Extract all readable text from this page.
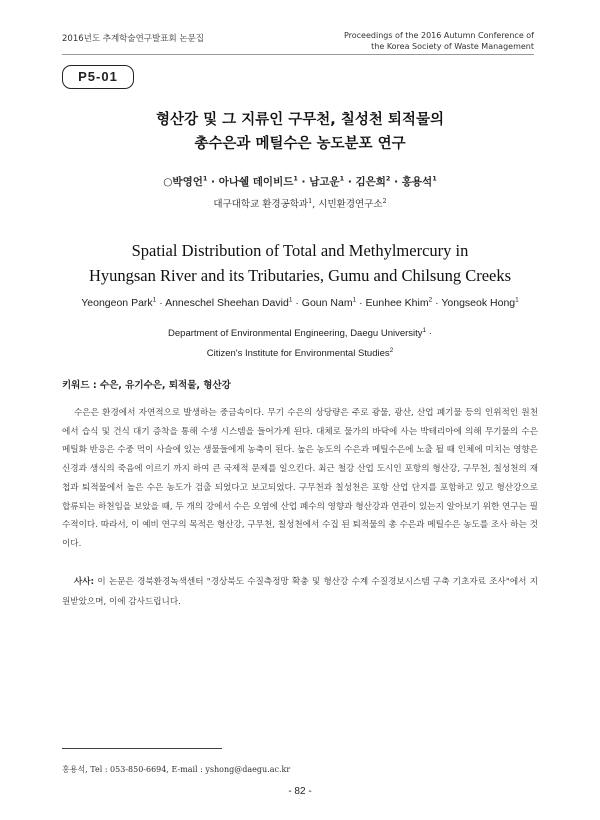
2016년도 추계학술연구발표회 논문집	Proceedings of the 2016 Autumn Conference of
the Korea Society of Waste Management
P5-01
형산강 및 그 지류인 구무천, 칠성천 퇴적물의
총수은과 메틸수은 농도분포 연구
○박영언$^1$ · 아나쉘 데이비드$^1$ · 남고운$^1$ · 김은희$^2$ · 홍용석$^1$
대구대학교 환경공학과$^1$, 시민환경연구소$^2$
Spatial Distribution of Total and Methylmercury in
Hyungsan River and its Tributaries, Gumu and Chilsung Creeks
Yeongeon Park$^1$ · Anneschel Sheehan David$^1$ · Goun Nam$^1$ · Eunhee Khim$^2$ · Yongseok Hong$^1$
Department of Environmental Engineering, Daegu University$^1$ ·
Citizen's Institute for Environmental Studies$^2$
키워드 : 수은, 유기수은, 퇴적물, 형산강
수은은 환경에서 자연적으로 발생하는 중금속이다. 무기 수은의 상당량은 주로 광물, 광산, 산업 폐기물 등의 인위적인 원천에서 습식 및 건식 대기 증착을 통해 수생 시스템을 들어가게 된다. 대체로 물가의 바닥에 사는 박테리아에 의해 무기물의 수은 메틸화 반응은 수중 먹이 사슬에 있는 생물들에게 농축이 된다. 높은 농도의 수은과 메틸수은에 노출 될 때 인체에 미치는 영향은 신경과 생식의 죽음에 이르기 까지 하여 큰 국제적 문제를 일으킨다. 최근 철강 산업 도시인 포항의 형산강, 구무천, 칠성천의 재첩과 퇴적물에서 높은 수은 농도가 검출 되었다고 보고되었다. 구무천과 칠성천은 포항 산업 단지를 포함하고 있고 형산강으로 합류되는 하천임을 보았을 때, 두 개의 강에서 수은 오염에 산업 폐수의 영향과 형산강과 연관이 있는지 알아보기 위한 연구는 필수적이다. 따라서, 이 예비 연구의 목적은 형산강, 구무천, 칠성천에서 수집 된 퇴적물의 총 수은과 메틸수은 농도를 조사 하는 것이다.
사사: 이 논문은 경북환경녹색센터 "경상북도 수질측정망 확충 및 형산강 수계 수질경보시스템 구축 기초자료 조사"에서 지원받았으며, 이에 감사드립니다.
홍용석, Tel : 053-850-6694, E-mail : yshong@daegu.ac.kr
- 82 -
